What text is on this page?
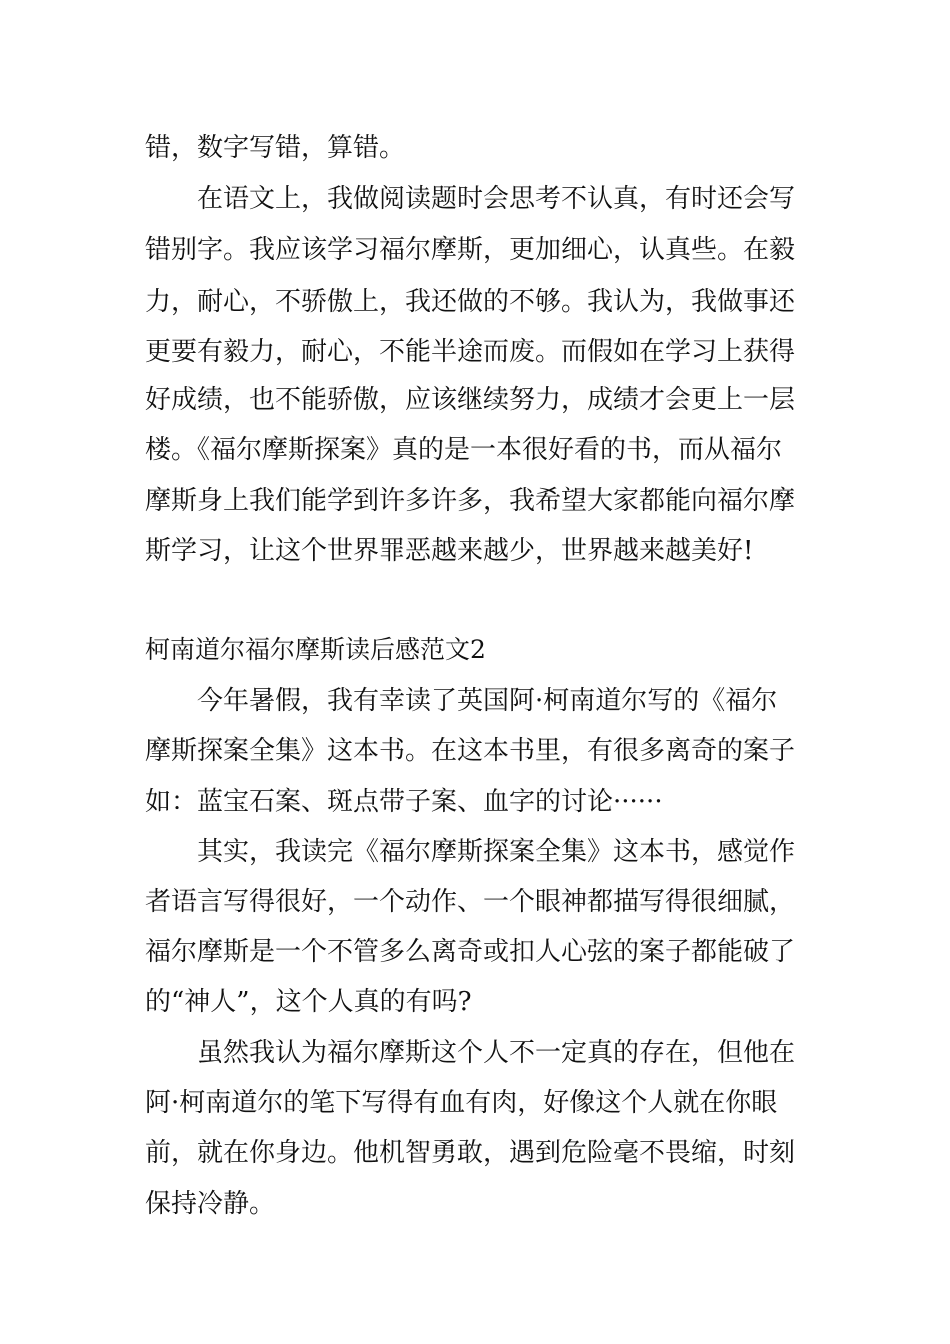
错，数字写错，算错。

在语文上，我做阅读题时会思考不认真，有时还会写

错别字。我应该学习福尔摩斯，更加细心，认真些。在毅

力，耐心，不骄傲上，我还做的不够。我认为，我做事还

更要有毅力，耐心，不能半途而废。而假如在学习上获得

好成绩，也不能骄傲，应该继续努力，成绩才会更上一层

楼。《福尔摩斯探案》真的是一本很好看的书，而从福尔

摩斯身上我们能学到许多许多，我希望大家都能向福尔摩

斯学习，让这个世界罪恶越来越少，世界越来越美好!

柯南道尔福尔摩斯读后感范文2

今年暑假，我有幸读了英国阿·柯南道尔写的《福尔

摩斯探案全集》这本书。在这本书里，有很多离奇的案子

如：蓝宝石案、斑点带子案、血字的讨论······

其实，我读完《福尔摩斯探案全集》这本书，感觉作

者语言写得很好，一个动作、一个眼神都描写得很细腻，

福尔摩斯是一个不管多么离奇或扣人心弦的案子都能破了

的“神人”，这个人真的有吗?

虽然我认为福尔摩斯这个人不一定真的存在，但他在

阿·柯南道尔的笔下写得有血有肉，好像这个人就在你眼

前，就在你身边。他机智勇敢，遇到危险毫不畏缩，时刻

保持冷静。
